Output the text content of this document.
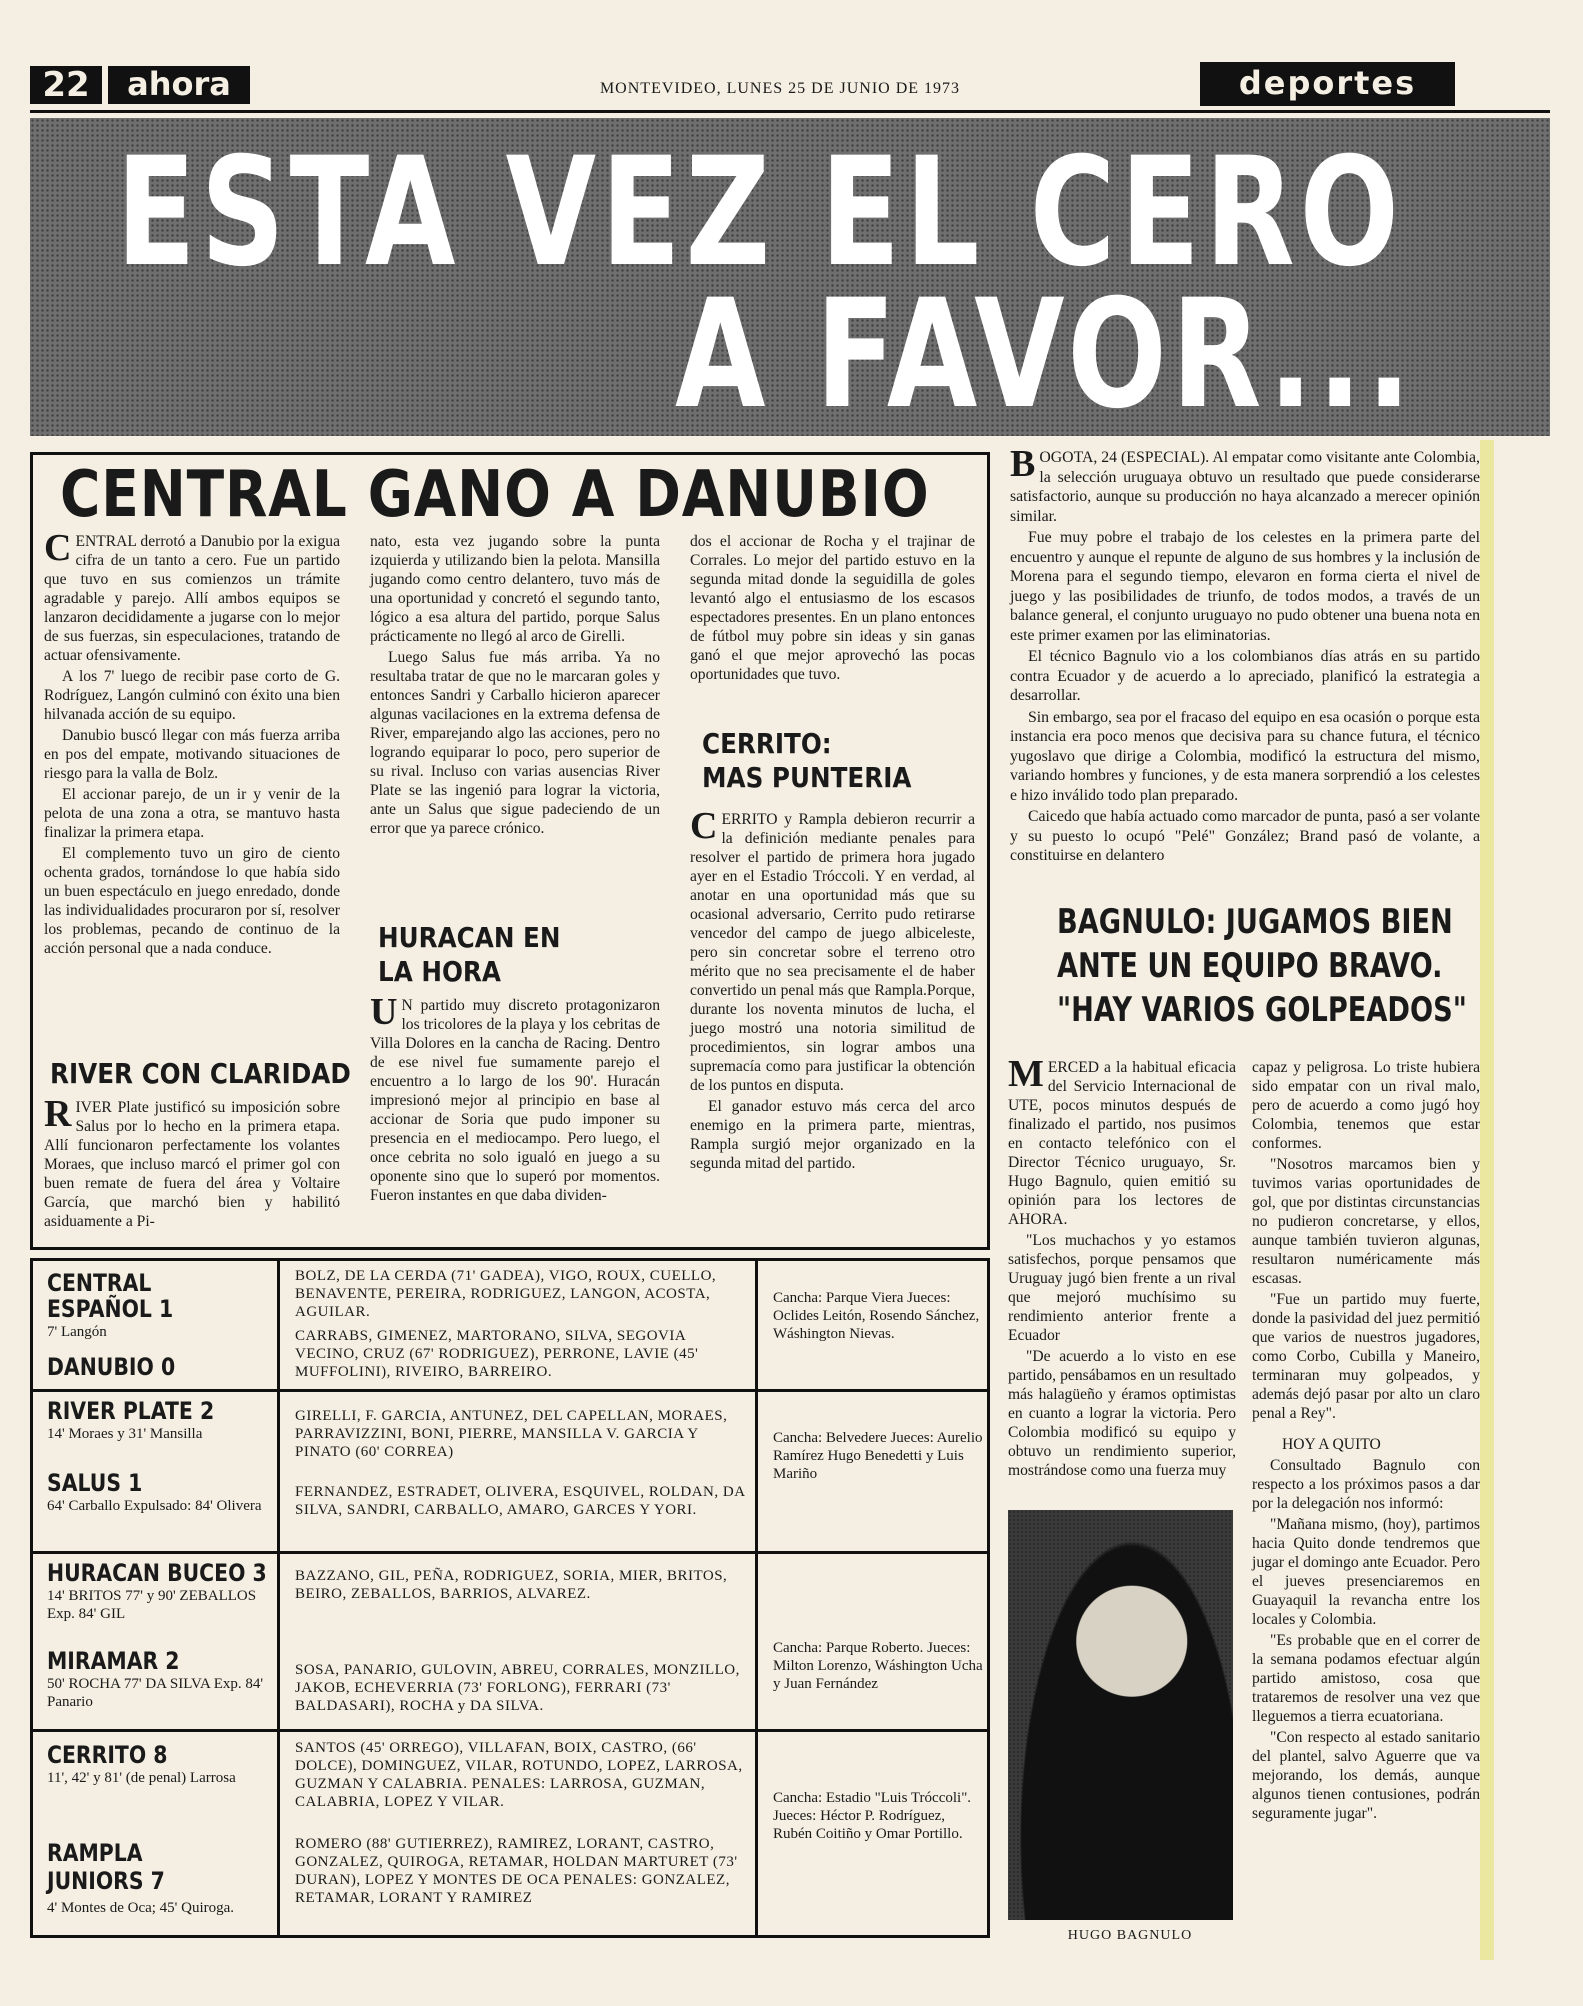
22	ahora	MONTEVIDEO, LUNES 25 DE JUNIO DE 1973	deportes
ESTA VEZ EL CERO
A FAVOR...
CENTRAL GANO A DANUBIO

CENTRAL derrotó a Danubio por la exigua cifra de un tanto a cero. Fue un partido que tuvo en sus comienzos un trámite agradable y parejo. Allí ambos equipos se lanzaron decididamente a jugarse con lo mejor de sus fuerzas, sin especulaciones, tratando de actuar ofensivamente.

A los 7' luego de recibir pase corto de G. Rodríguez, Langón culminó con éxito una bien hilvanada acción de su equipo.

Danubio buscó llegar con más fuerza arriba en pos del empate, motivando situaciones de riesgo para la valla de Bolz.

El accionar parejo, de un ir y venir de la pelota de una zona a otra, se mantuvo hasta finalizar la primera etapa.

El complemento tuvo un giro de ciento ochenta grados, tornándose lo que había sido un buen espectáculo en juego enredado, donde las individualidades procuraron por sí, resolver los problemas, pecando de continuo de la acción personal que a nada conduce.

RIVER CON CLARIDAD

RIVER Plate justificó su imposición sobre Salus por lo hecho en la primera etapa. Allí funcionaron perfectamente los volantes Moraes, que incluso marcó el primer gol con buen remate de fuera del área y Voltaire García, que marchó bien y habilitó asiduamente a Pi-

nato, esta vez jugando sobre la punta izquierda y utilizando bien la pelota. Mansilla jugando como centro delantero, tuvo más de una oportunidad y concretó el segundo tanto, lógico a esa altura del partido, porque Salus prácticamente no llegó al arco de Girelli.

Luego Salus fue más arriba. Ya no resultaba tratar de que no le marcaran goles y entonces Sandri y Carballo hicieron aparecer algunas vacilaciones en la extrema defensa de River, emparejando algo las acciones, pero no logrando equiparar lo poco, pero superior de su rival. Incluso con varias ausencias River Plate se las ingenió para lograr la victoria, ante un Salus que sigue padeciendo de un error que ya parece crónico.

HURACAN EN
LA HORA

U N partido muy discreto protagonizaron los tricolores de la playa y los cebritas de Villa Dolores en la cancha de Racing. Dentro de ese nivel fue sumamente parejo el encuentro a lo largo de los 90'. Huracán impresionó mejor al principio en base al accionar de Soria que pudo imponer su presencia en el mediocampo. Pero luego, el once cebrita no solo igualó en juego a su oponente sino que lo superó por momentos. Fueron instantes en que daba dividen-

dos el accionar de Rocha y el trajinar de Corrales. Lo mejor del partido estuvo en la segunda mitad donde la seguidilla de goles levantó algo el entusiasmo de los escasos espectadores presentes. En un plano entonces de fútbol muy pobre sin ideas y sin ganas ganó el que mejor aprovechó las pocas oportunidades que tuvo.

CERRITO:
MAS PUNTERIA

CERRITO y Rampla debieron recurrir a la definición mediante penales para resolver el partido de primera hora jugado ayer en el Estadio Tróccoli. Y en verdad, al anotar en una oportunidad más que su ocasional adversario, Cerrito pudo retirarse vencedor del campo de juego albiceleste, pero sin concretar sobre el terreno otro mérito que no sea precisamente el de haber convertido un penal más que Rampla.Porque, durante los noventa minutos de lucha, el juego mostró una notoria similitud de procedimientos, sin lograr ambos una supremacía como para justificar la obtención de los puntos en disputa.

El ganador estuvo más cerca del arco enemigo en la primera parte, mientras, Rampla surgió mejor organizado en la segunda mitad del partido.

BOGOTA, 24 (ESPECIAL). Al empatar como visitante ante Colombia, la selección uruguaya obtuvo un resultado que puede considerarse satisfactorio, aunque su producción no haya alcanzado a merecer opinión similar.

Fue muy pobre el trabajo de los celestes en la primera parte del encuentro y aunque el repunte de alguno de sus hombres y la inclusión de Morena para el segundo tiempo, elevaron en forma cierta el nivel de juego y las posibilidades de triunfo, de todos modos, a través de un balance general, el conjunto uruguayo no pudo obtener una buena nota en este primer examen por las eliminatorias.

El técnico Bagnulo vio a los colombianos días atrás en su partido contra Ecuador y de acuerdo a lo apreciado, planificó la estrategia a desarrollar.

Sin embargo, sea por el fracaso del equipo en esa ocasión o porque esta instancia era poco menos que decisiva para su chance futura, el técnico yugoslavo que dirige a Colombia, modificó la estructura del mismo, variando hombres y funciones, y de esta manera sorprendió a los celestes e hizo inválido todo plan preparado.

Caicedo que había actuado como marcador de punta, pasó a ser volante y su puesto lo ocupó "Pelé" González; Brand pasó de volante, a constituirse en delantero

BAGNULO: JUGAMOS BIEN
ANTE UN EQUIPO BRAVO.
"HAY VARIOS GOLPEADOS"

MERCED a la habitual eficacia del Servicio Internacional de UTE, pocos minutos después de finalizado el partido, nos pusimos en contacto telefónico con el Director Técnico uruguayo, Sr. Hugo Bagnulo, quien emitió su opinión para los lectores de AHORA.

"Los muchachos y yo estamos satisfechos, porque pensamos que Uruguay jugó bien frente a un rival que mejoró muchísimo su rendimiento anterior frente a Ecuador

"De acuerdo a lo visto en ese partido, pensábamos en un resultado más halagüeño y éramos optimistas en cuanto a lograr la victoria. Pero Colombia modificó su equipo y obtuvo un rendimiento superior, mostrándose como una fuerza muy

capaz y peligrosa. Lo triste hubiera sido empatar con un rival malo, pero de acuerdo a como jugó hoy Colombia, tenemos que estar conformes.

"Nosotros marcamos bien y tuvimos varias oportunidades de gol, que por distintas circunstancias no pudieron concretarse, y ellos, aunque también tuvieron algunas, resultaron numéricamente más escasas.

"Fue un partido muy fuerte, donde la pasividad del juez permitió que varios de nuestros jugadores, como Corbo, Cubilla y Maneiro, terminaran muy golpeados, y además dejó pasar por alto un claro penal a Rey".

HOY A QUITO

Consultado Bagnulo con respecto a los próximos pasos a dar por la delegación nos informó:

"Mañana mismo, (hoy), partimos hacia Quito donde tendremos que jugar el domingo ante Ecuador. Pero el jueves presenciaremos en Guayaquil la revancha entre los locales y Colombia.

"Es probable que en el correr de la semana podamos efectuar algún partido amistoso, cosa que trataremos de resolver una vez que lleguemos a tierra ecuatoriana.

"Con respecto al estado sanitario del plantel, salvo Aguerre que va mejorando, los demás, aunque algunos tienen contusiones, podrán seguramente jugar".

HUGO BAGNULO
CENTRAL
ESPAÑOL 1
7' Langón
DANUBIO 0
BOLZ, DE LA CERDA (71' GADEA), VIGO, ROUX, CUELLO, BENAVENTE, PEREIRA, RODRIGUEZ, LANGON, ACOSTA, AGUILAR.
CARRABS, GIMENEZ, MARTORANO, SILVA, SEGOVIA VECINO, CRUZ (67' RODRIGUEZ), PERRONE, LAVIE (45' MUFFOLINI), RIVEIRO, BARREIRO.
Cancha: Parque Viera Jueces: Oclides Leitón, Rosendo Sánchez, Wáshington Nievas.
RIVER PLATE 2
14' Moraes y 31' Mansilla
SALUS 1
64' Carballo Expulsado: 84' Olivera
GIRELLI, F. GARCIA, ANTUNEZ, DEL CAPELLAN, MORAES, PARRAVIZZINI, BONI, PIERRE, MANSILLA V. GARCIA Y PINATO (60' CORREA)
FERNANDEZ, ESTRADET, OLIVERA, ESQUIVEL, ROLDAN, DA SILVA, SANDRI, CARBALLO, AMARO, GARCES Y YORI.
Cancha: Belvedere Jueces: Aurelio Ramírez Hugo Benedetti y Luis Mariño
HURACAN BUCEO 3
14' BRITOS 77' y 90' ZEBALLOS Exp. 84' GIL
MIRAMAR 2
50' ROCHA 77' DA SILVA Exp. 84' Panario
BAZZANO, GIL, PEÑA, RODRIGUEZ, SORIA, MIER, BRITOS, BEIRO, ZEBALLOS, BARRIOS, ALVAREZ.
SOSA, PANARIO, GULOVIN, ABREU, CORRALES, MONZILLO, JAKOB, ECHEVERRIA (73' FORLONG), FERRARI (73' BALDASARI), ROCHA y DA SILVA.
Cancha: Parque Roberto. Jueces: Milton Lorenzo, Wáshington Ucha y Juan Fernández
CERRITO 8
11', 42' y 81' (de penal) Larrosa
RAMPLA JUNIORS 7
4' Montes de Oca; 45' Quiroga.
SANTOS (45' ORREGO), VILLAFAN, BOIX, CASTRO, (66' DOLCE), DOMINGUEZ, VILAR, ROTUNDO, LOPEZ, LARROSA, GUZMAN Y CALABRIA. PENALES: LARROSA, GUZMAN, CALABRIA, LOPEZ Y VILAR.
ROMERO (88' GUTIERREZ), RAMIREZ, LORANT, CASTRO, GONZALEZ, QUIROGA, RETAMAR, HOLDAN MARTURET (73' DURAN), LOPEZ Y MONTES DE OCA PENALES: GONZALEZ, RETAMAR, LORANT Y RAMIREZ
Cancha: Estadio "Luis Tróccoli". Jueces: Héctor P. Rodríguez, Rubén Coitiño y Omar Portillo.
